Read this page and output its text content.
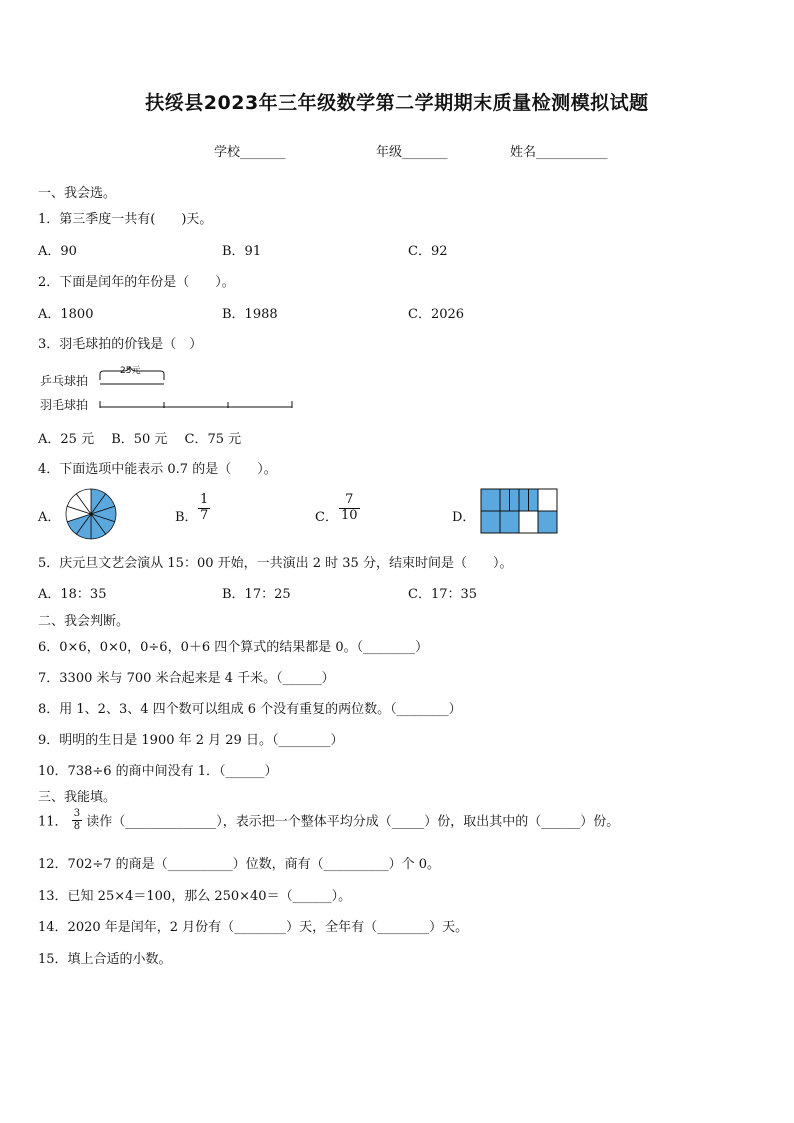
扶绥县2023年三年级数学第二学期期末质量检测模拟试题
学校_______	年级_______	姓名___________
一、我会选。
1．第三季度一共有(　　)天。
A．90	B．91	C．92
2．下面是闰年的年份是（　　）。
A．1800	B．1988	C．2026
3．羽毛球拍的价钱是（　）
乒乓球拍
羽毛球拍
25元
A．25 元　 B．50 元　 C．75 元
4．下面选项中能表示 0.7 的是（　　）。
A．	B． $\frac{1}{7}$	C． $\frac{7}{10}$	D．
5．庆元旦文艺会演从 15：00 开始，一共演出 2 时 35 分，结束时间是（　　）。
A．18：35	B．17：25	C．17：35
二、我会判断。
6．0×6，0×0，0÷6，0＋6 四个算式的结果都是 0。（________）
7．3300 米与 700 米合起来是 4 千米。（______）
8．用 1、2、3、4 四个数可以组成 6 个没有重复的两位数。（________）
9．明明的生日是 1900 年 2 月 29 日。（________）
10．738÷6 的商中间没有 1．（______）
三、我能填。
11． $\frac{3}{8}$ 读作（______________），表示把一个整体平均分成（_____）份，取出其中的（______）份。
12．702÷7 的商是（__________）位数，商有（__________）个 0。
13．已知 25×4＝100，那么 250×40＝（______）。
14．2020 年是闰年，2 月份有（________）天，全年有（________）天。
15．填上合适的小数。
